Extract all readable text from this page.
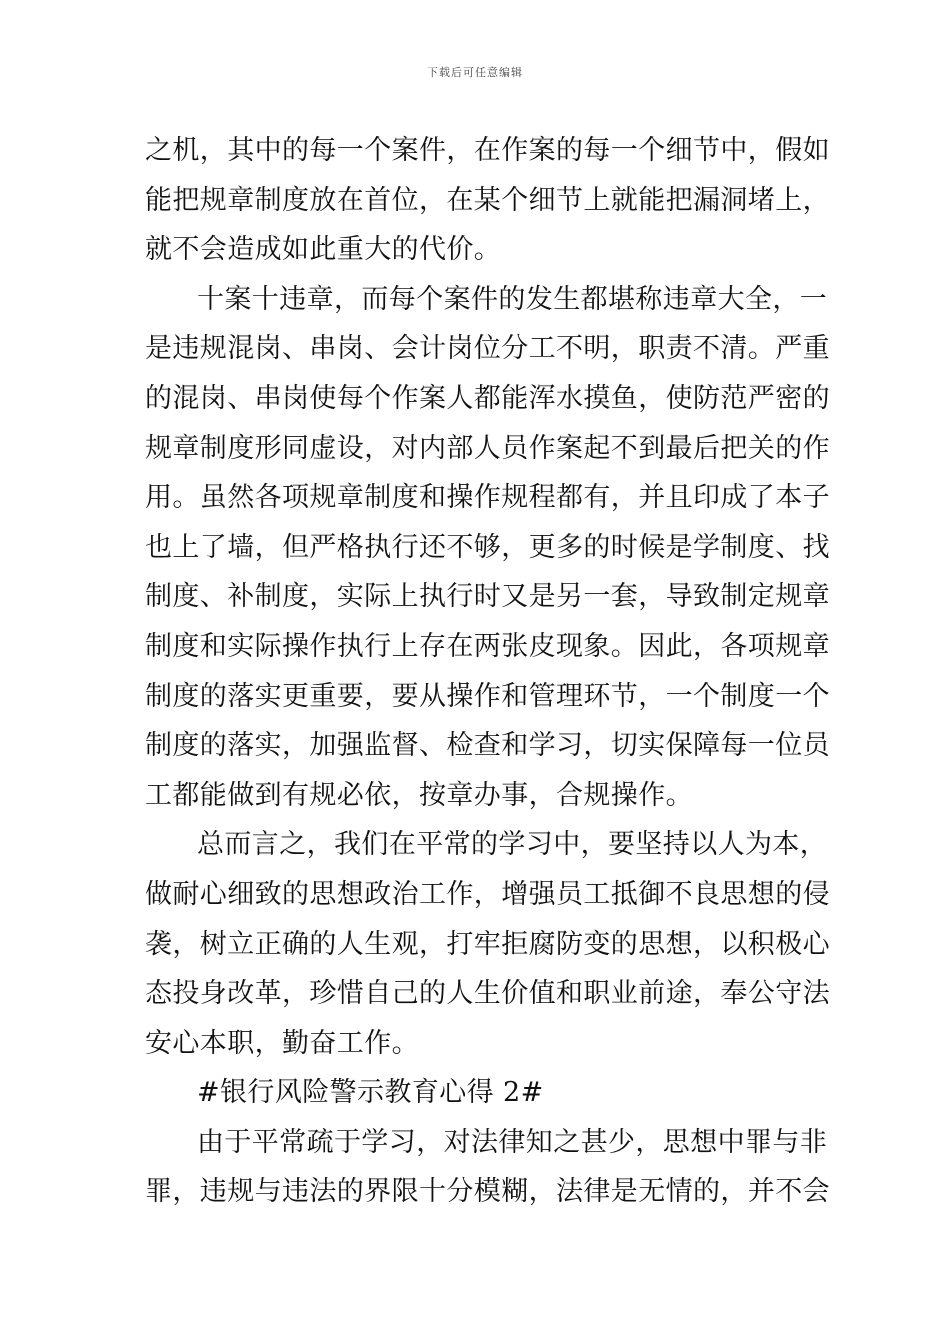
下载后可任意编辑
之机，其中的每一个案件，在作案的每一个细节中，假如
能把规章制度放在首位，在某个细节上就能把漏洞堵上，
就不会造成如此重大的代价。
十案十违章，而每个案件的发生都堪称违章大全，一
是违规混岗、串岗、会计岗位分工不明，职责不清。严重
的混岗、串岗使每个作案人都能浑水摸鱼，使防范严密的
规章制度形同虚设，对内部人员作案起不到最后把关的作
用。虽然各项规章制度和操作规程都有，并且印成了本子
也上了墙，但严格执行还不够，更多的时候是学制度、找
制度、补制度，实际上执行时又是另一套，导致制定规章
制度和实际操作执行上存在两张皮现象。因此，各项规章
制度的落实更重要，要从操作和管理环节，一个制度一个
制度的落实，加强监督、检查和学习，切实保障每一位员
工都能做到有规必依，按章办事，合规操作。
总而言之，我们在平常的学习中，要坚持以人为本，
做耐心细致的思想政治工作，增强员工抵御不良思想的侵
袭，树立正确的人生观，打牢拒腐防变的思想，以积极心
态投身改革，珍惜自己的人生价值和职业前途，奉公守法
安心本职，勤奋工作。
#银行风险警示教育心得 2#
由于平常疏于学习，对法律知之甚少，思想中罪与非
罪，违规与违法的界限十分模糊，法律是无情的，并不会
